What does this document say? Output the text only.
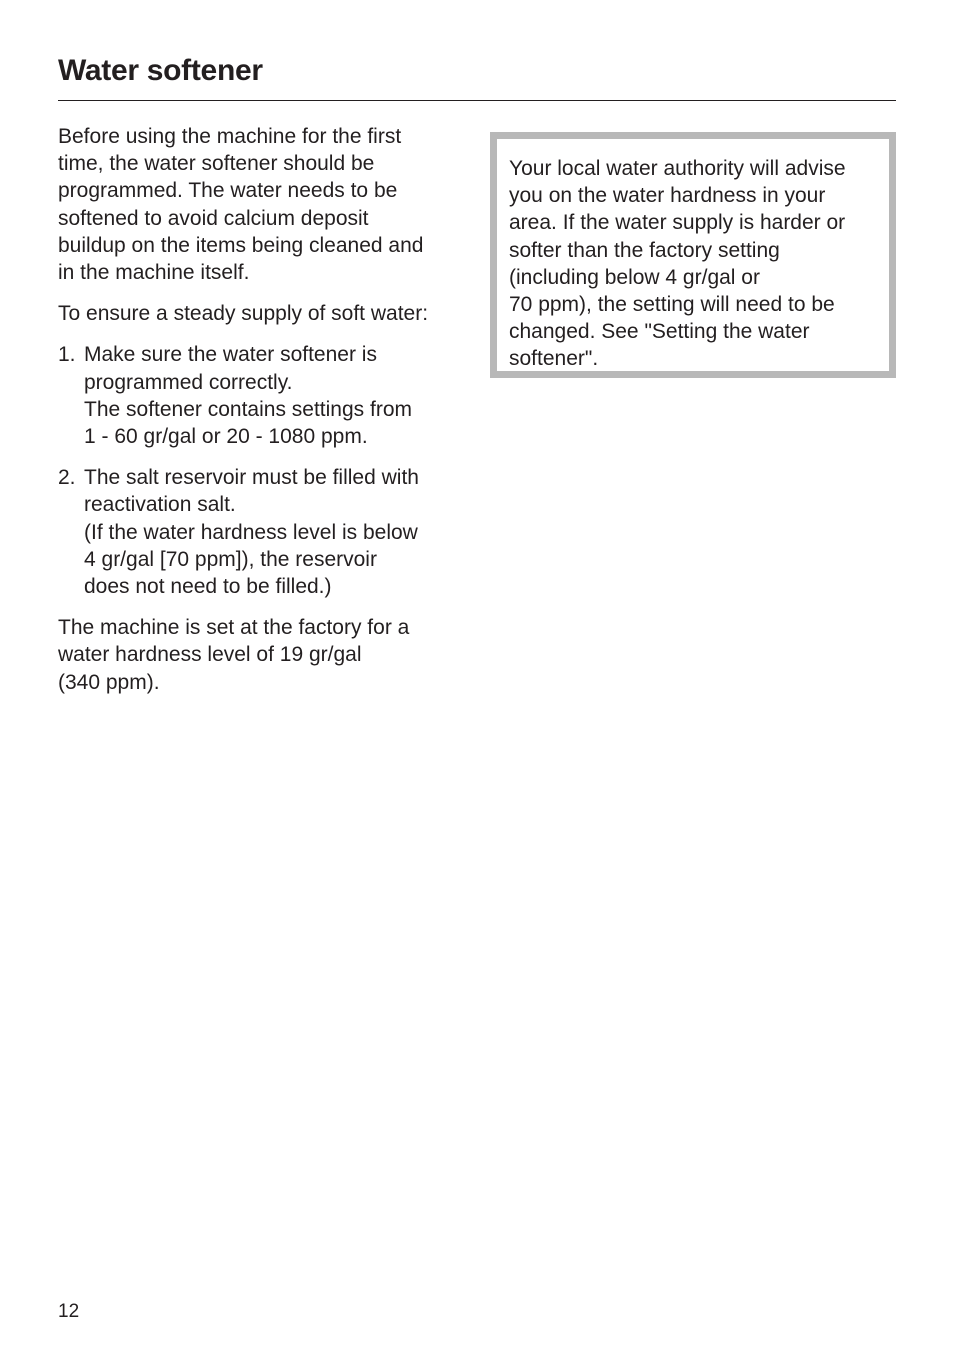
Water softener

Before using the machine for the first
time, the water softener should be
programmed. The water needs to be
softened to avoid calcium deposit
buildup on the items being cleaned and
in the machine itself.

To ensure a steady supply of soft water:

1. Make sure the water softener is
programmed correctly.
The softener contains settings from
1 - 60 gr/gal or 20 - 1080 ppm.
2. The salt reservoir must be filled with
reactivation salt.
(If the water hardness level is below
4 gr/gal [70 ppm]), the reservoir
does not need to be filled.)

The machine is set at the factory for a
water hardness level of 19 gr/gal
(340 ppm).

Your local water authority will advise
you on the water hardness in your
area. If the water supply is harder or
softer than the factory setting
(including below 4 gr/gal or
70 ppm), the setting will need to be
changed. See "Setting the water
softener".
12
